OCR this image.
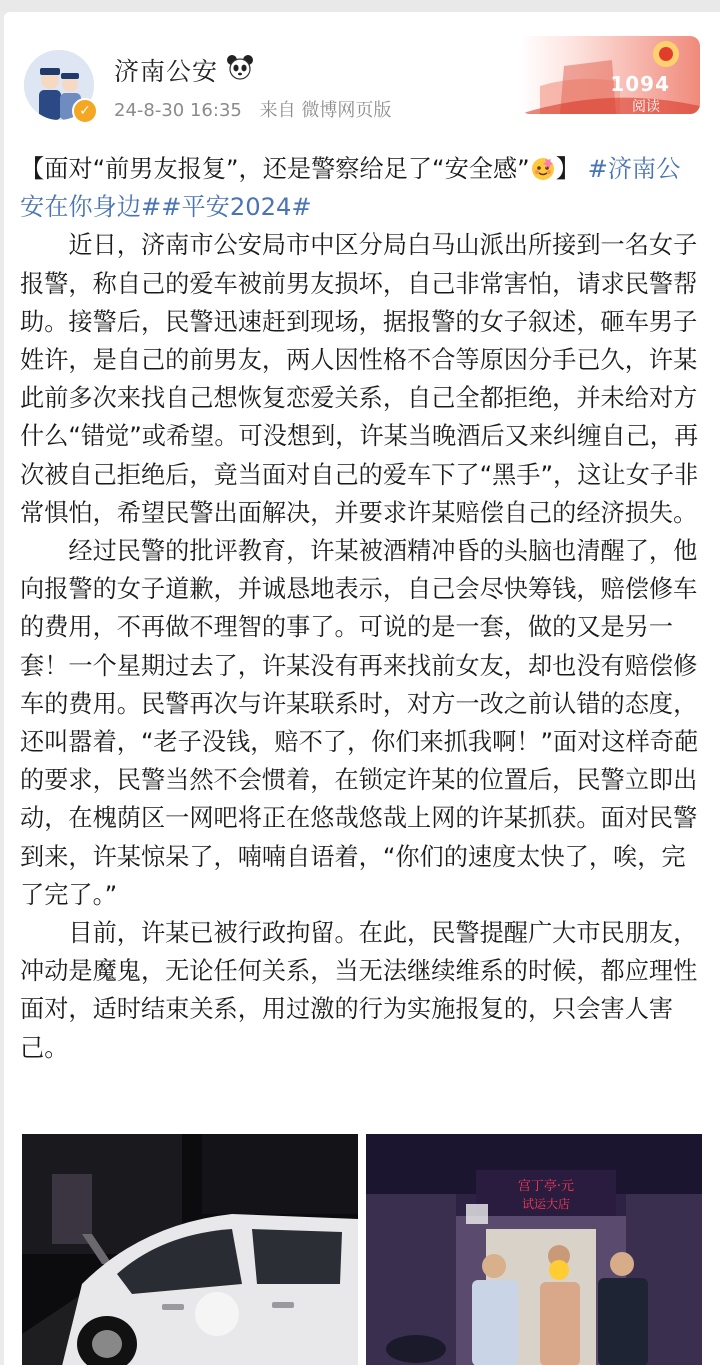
✓
济南公安
24-8-30 16:35 来自 微博网页版
1094
阅读

【面对“前男友报复”，还是警察给足了“安全感” 】 #济南公安在你身边##平安2024#

近日，济南市公安局市中区分局白马山派出所接到一名女子报警，称自己的爱车被前男友损坏，自己非常害怕，请求民警帮助。接警后，民警迅速赶到现场，据报警的女子叙述，砸车男子姓许，是自己的前男友，两人因性格不合等原因分手已久，许某此前多次来找自己想恢复恋爱关系，自己全都拒绝，并未给对方什么“错觉”或希望。可没想到，许某当晚酒后又来纠缠自己，再次被自己拒绝后，竟当面对自己的爱车下了“黑手”，这让女子非常惧怕，希望民警出面解决，并要求许某赔偿自己的经济损失。

经过民警的批评教育，许某被酒精冲昏的头脑也清醒了，他向报警的女子道歉，并诚恳地表示，自己会尽快筹钱，赔偿修车的费用，不再做不理智的事了。可说的是一套，做的又是另一套！一个星期过去了，许某没有再来找前女友，却也没有赔偿修车的费用。民警再次与许某联系时，对方一改之前认错的态度，还叫嚣着，“老子没钱，赔不了，你们来抓我啊！”面对这样奇葩的要求，民警当然不会惯着，在锁定许某的位置后，民警立即出动，在槐荫区一网吧将正在悠哉悠哉上网的许某抓获。面对民警到来，许某惊呆了，喃喃自语着，“你们的速度太快了，唉，完了完了。”

目前，许某已被行政拘留。在此，民警提醒广大市民朋友，冲动是魔鬼，无论任何关系，当无法继续维系的时候，都应理性面对，适时结束关系，用过激的行为实施报复的，只会害人害己。

宫丁亭·元
试运大店
